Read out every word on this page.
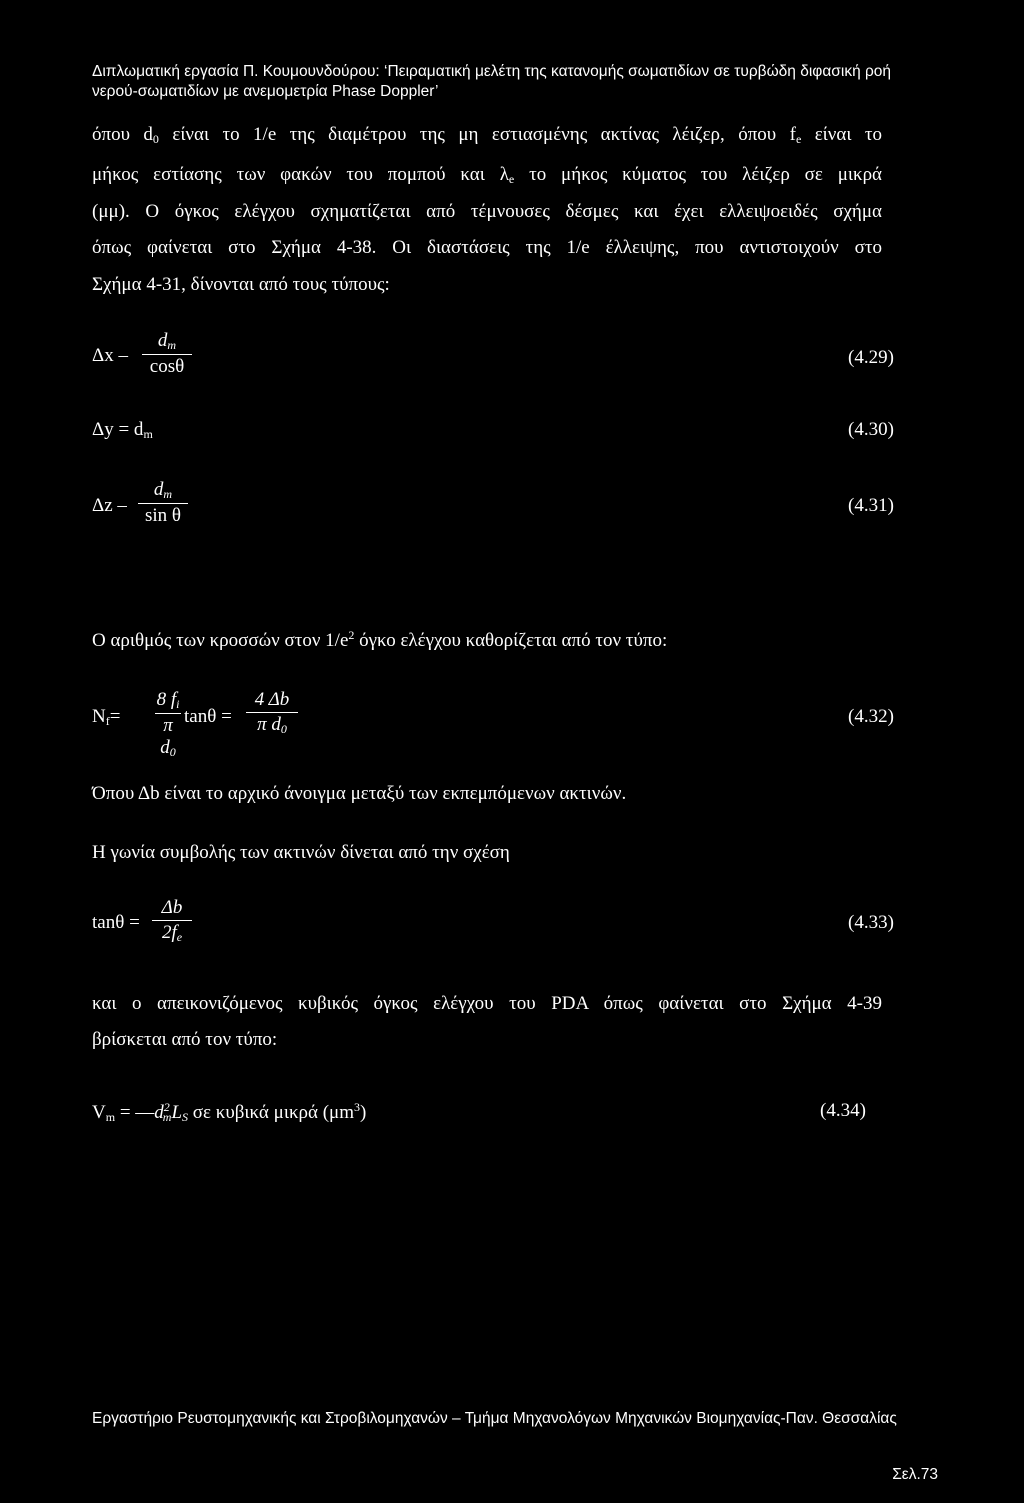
Διπλωματική εργασία Π. Κουμουνδούρου: ‘Πειραματική μελέτη της κατανομής σωματιδίων σε τυρβώδη διφασική ροή
νερού-σωματιδίων με ανεμομετρία Phase Doppler’
όπου $d_0$ είναι το 1/e της διαμέτρου της μη εστιασμένης ακτίνας λέιζερ, όπου $f_e$ είναι το
μήκος εστίασης των φακών του πομπού και $\lambda_e$ το μήκος κύματος του λέιζερ σε μικρά
(μμ). Ο όγκος ελέγχου σχηματίζεται από τέμνουσες δέσμες και έχει ελλειψοειδές σχήμα
όπως φαίνεται στο Σχήμα 4-38. Οι διαστάσεις της 1/e έλλειψης, που αντιστοιχούν στο
Σχήμα 4-31, δίνονται από τους τύπους:
Δx –
$d_m$
cosθ	(4.29)
$\Delta y = d_m$	(4.30)
Δz –
$d_m$
sin θ	(4.31)
Ο αριθμός των κροσσών στον $1/e^2$ όγκο ελέγχου καθορίζεται από τον τύπο:
$N_f=$
8 $f_i$
π $d_0$
tanθ =
4 Δb
π $d_0$
(4.32)
Όπου Δb είναι το αρχικό άνοιγμα μεταξύ των εκπεμπόμενων ακτινών.
Η γωνία συμβολής των ακτινών δίνεται από την σχέση
tanθ =
Δb
$2f_e$
(4.33)
και ο απεικονιζόμενος κυβικός όγκος ελέγχου του PDA όπως φαίνεται στο Σχήμα 4-39
βρίσκεται από τον τύπο:
$V_m$ = $—d^2_mL_S$ σε κυβικά μικρά $(\mu m^3)$	(4.34)
Εργαστήριο Ρευστομηχανικής και Στροβιλομηχανών – Τμήμα Μηχανολόγων Μηχανικών Βιομηχανίας-Παν. Θεσσαλίας
Σελ.73
